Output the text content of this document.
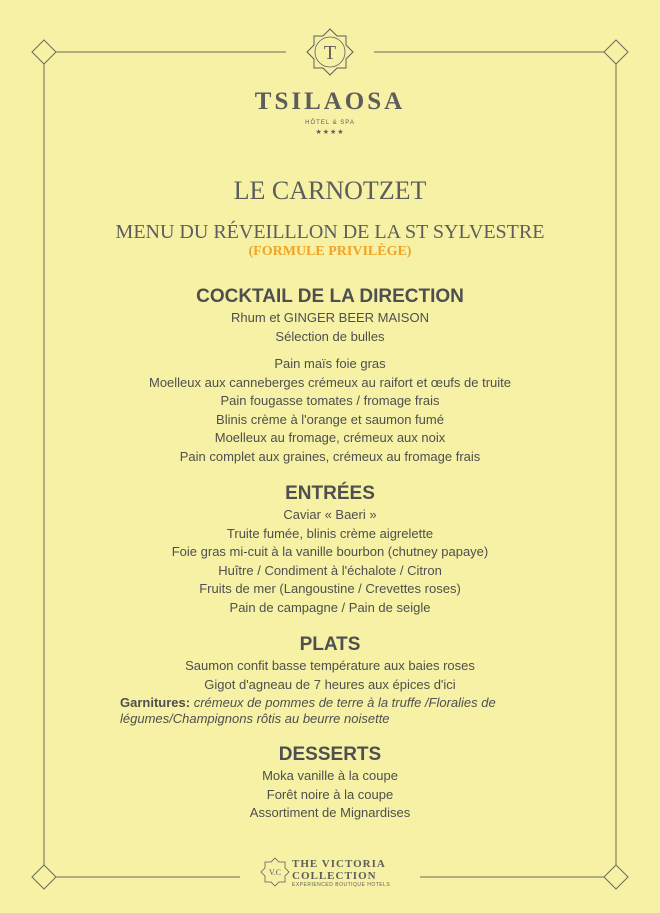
T
TSILAOSA
HÔTEL & SPA
★★★★
LE CARNOTZET
MENU DU RÉVEILLLON DE LA ST SYLVESTRE
(FORMULE PRIVILÈGE)
COCKTAIL DE LA DIRECTION

Rhum et GINGER BEER MAISON

Sélection de bulles

Pain maïs foie gras

Moelleux aux canneberges crémeux au raifort et œufs de truite

Pain fougasse tomates / fromage frais

Blinis crème à l'orange et saumon fumé

Moelleux au fromage, crémeux aux noix

Pain complet aux graines, crémeux au fromage frais

ENTRÉES

Caviar « Baeri »

Truite fumée, blinis crème aigrelette

Foie gras mi-cuit à la vanille bourbon (chutney papaye)

Huître / Condiment à l'échalote / Citron

Fruits de mer (Langoustine / Crevettes roses)

Pain de campagne / Pain de seigle

PLATS

Saumon confit basse température aux baies roses

Gigot d'agneau de 7 heures aux épices d'ici

Garnitures: crémeux de pommes de terre à la truffe /Floralies de légumes/Champignons rôtis au beurre noisette
DESSERTS

Moka vanille à la coupe

Forêt noire à la coupe

Assortiment de Mignardises

V.C
THE VICTORIA
COLLECTION
EXPERIENCED BOUTIQUE HOTELS
